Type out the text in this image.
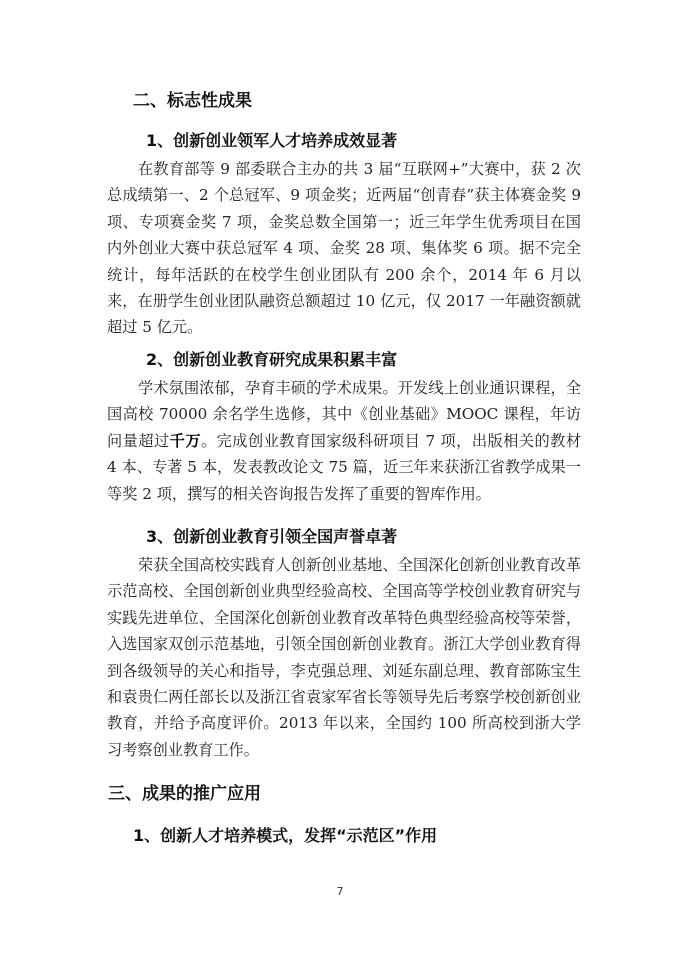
二、标志性成果
1、创新创业领军人才培养成效显著

在教育部等 9 部委联合主办的共 3 届“互联网+”大赛中，获 2 次总成绩第一、2 个总冠军、9 项金奖；近两届“创青春”获主体赛金奖 9 项、专项赛金奖 7 项，金奖总数全国第一；近三年学生优秀项目在国内外创业大赛中获总冠军 4 项、金奖 28 项、集体奖 6 项。据不完全统计，每年活跃的在校学生创业团队有 200 余个，2014 年 6 月以来，在册学生创业团队融资总额超过 10 亿元，仅 2017 一年融资额就超过 5 亿元。

2、创新创业教育研究成果积累丰富

学术氛围浓郁，孕育丰硕的学术成果。开发线上创业通识课程，全国高校 70000 余名学生选修，其中《创业基础》MOOC 课程，年访问量超过千万。完成创业教育国家级科研项目 7 项，出版相关的教材 4 本、专著 5 本，发表教改论文 75 篇，近三年来获浙江省教学成果一等奖 2 项，撰写的相关咨询报告发挥了重要的智库作用。

3、创新创业教育引领全国声誉卓著

荣获全国高校实践育人创新创业基地、全国深化创新创业教育改革示范高校、全国创新创业典型经验高校、全国高等学校创业教育研究与实践先进单位、全国深化创新创业教育改革特色典型经验高校等荣誉，入选国家双创示范基地，引领全国创新创业教育。浙江大学创业教育得到各级领导的关心和指导，李克强总理、刘延东副总理、教育部陈宝生和袁贵仁两任部长以及浙江省袁家军省长等领导先后考察学校创新创业教育，并给予高度评价。2013 年以来，全国约 100 所高校到浙大学习考察创业教育工作。

三、成果的推广应用
1、创新人才培养模式，发挥“示范区”作用
7
